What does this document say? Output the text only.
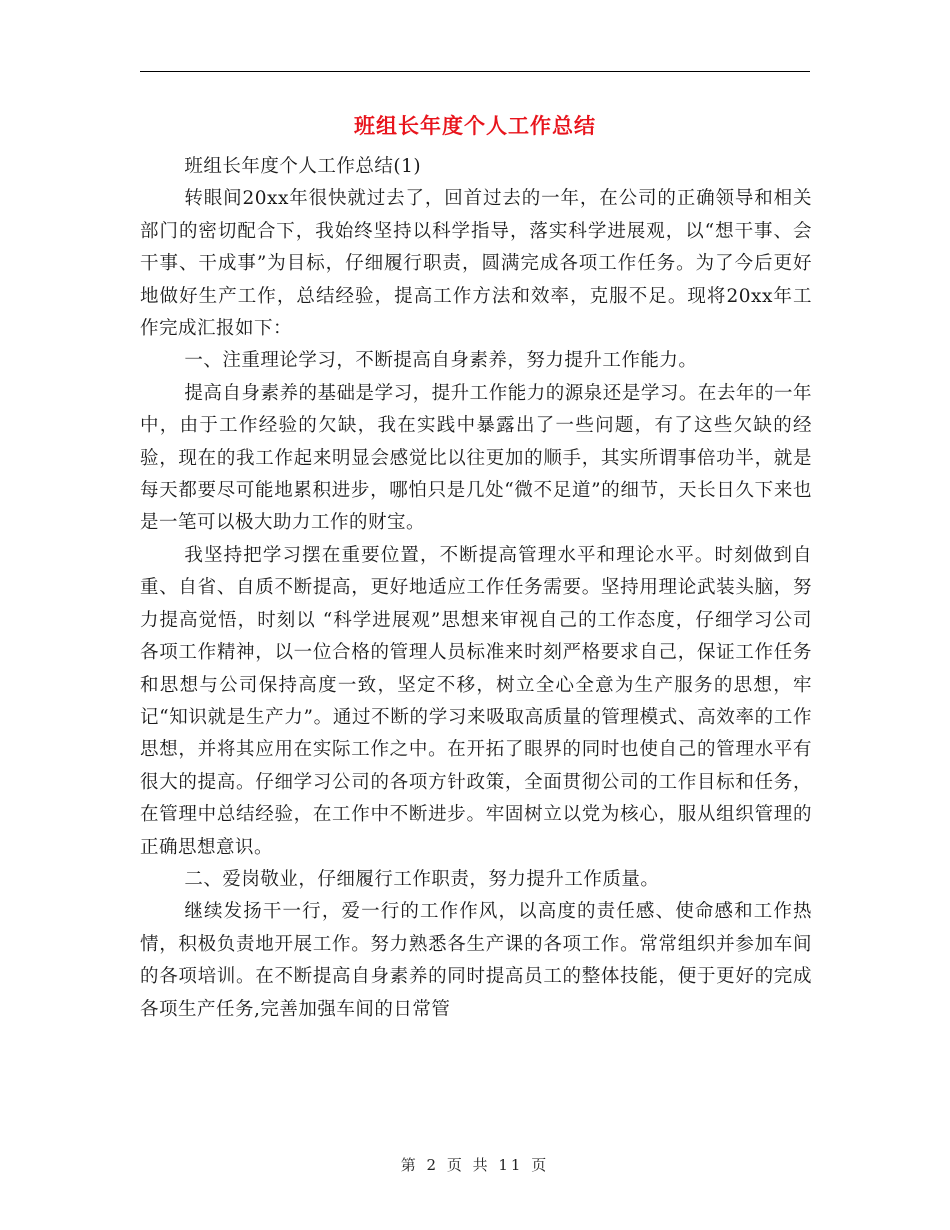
班组长年度个人工作总结

班组长年度个人工作总结(1)

转眼间20xx年很快就过去了，回首过去的一年，在公司的正确领导和相关部门的密切配合下，我始终坚持以科学指导，落实科学进展观，以“想干事、会干事、干成事”为目标，仔细履行职责，圆满完成各项工作任务。为了今后更好地做好生产工作，总结经验，提高工作方法和效率，克服不足。现将20xx年工作完成汇报如下：

一、注重理论学习，不断提高自身素养，努力提升工作能力。

提高自身素养的基础是学习，提升工作能力的源泉还是学习。在去年的一年中，由于工作经验的欠缺，我在实践中暴露出了一些问题，有了这些欠缺的经验，现在的我工作起来明显会感觉比以往更加的顺手，其实所谓事倍功半，就是每天都要尽可能地累积进步，哪怕只是几处“微不足道”的细节，天长日久下来也是一笔可以极大助力工作的财宝。

我坚持把学习摆在重要位置，不断提高管理水平和理论水平。时刻做到自重、自省、自质不断提高，更好地适应工作任务需要。坚持用理论武装头脑，努力提高觉悟，时刻以 “科学进展观”思想来审视自己的工作态度，仔细学习公司各项工作精神，以一位合格的管理人员标准来时刻严格要求自己，保证工作任务和思想与公司保持高度一致，坚定不移，树立全心全意为生产服务的思想，牢记“知识就是生产力”。通过不断的学习来吸取高质量的管理模式、高效率的工作思想，并将其应用在实际工作之中。在开拓了眼界的同时也使自己的管理水平有很大的提高。仔细学习公司的各项方针政策，全面贯彻公司的工作目标和任务，在管理中总结经验，在工作中不断进步。牢固树立以党为核心，服从组织管理的正确思想意识。

二、爱岗敬业，仔细履行工作职责，努力提升工作质量。

继续发扬干一行，爱一行的工作作风，以高度的责任感、使命感和工作热情，积极负责地开展工作。努力熟悉各生产课的各项工作。常常组织并参加车间的各项培训。在不断提高自身素养的同时提高员工的整体技能，便于更好的完成各项生产任务,完善加强车间的日常管

第 2 页 共 11 页
